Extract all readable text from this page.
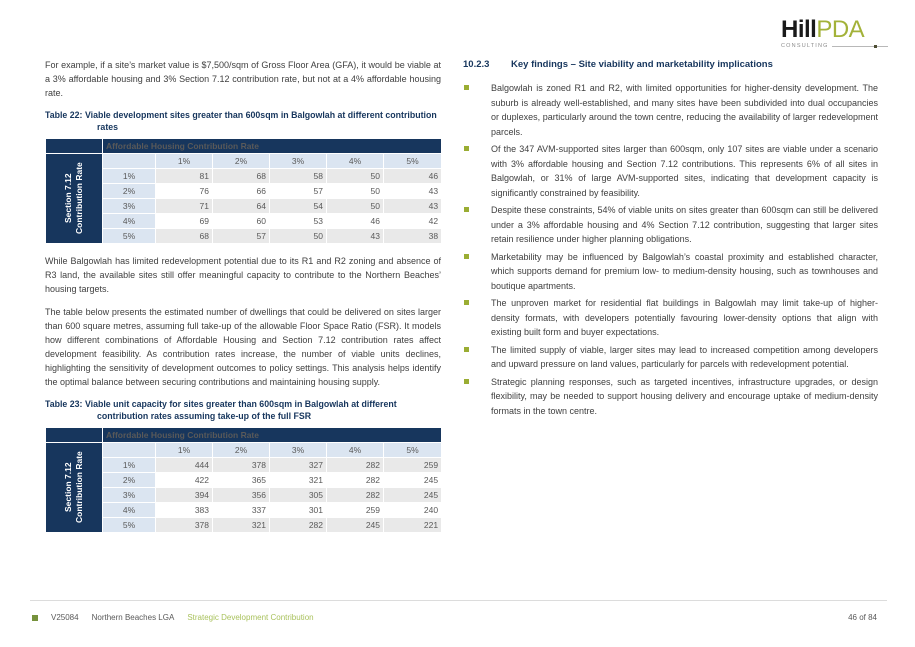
HillPDA
CONSULTING

For example, if a site’s market value is $7,500/sqm of Gross Floor Area (GFA), it would be viable at a 3% affordable housing and 3% Section 7.12 contribution rate, but not at a 4% affordable housing rate.

Table 22: Viable development sites greater than 600sqm in Balgowlah at different contribution rates

	Affordable Housing Contribution Rate					
Section 7.12 Contribution Rate		1%	2%	3%	4%	5%
	1%	81	68	58	50	46
	2%	76	66	57	50	43
	3%	71	64	54	50	43
	4%	69	60	53	46	42
	5%	68	57	50	43	38

While Balgowlah has limited redevelopment potential due to its R1 and R2 zoning and absence of R3 land, the available sites still offer meaningful capacity to contribute to the Northern Beaches’ housing targets.

The table below presents the estimated number of dwellings that could be delivered on sites larger than 600 square metres, assuming full take-up of the allowable Floor Space Ratio (FSR). It models how different combinations of Affordable Housing and Section 7.12 contribution rates affect development feasibility. As contribution rates increase, the number of viable units declines, highlighting the sensitivity of development outcomes to policy settings. This analysis helps identify the optimal balance between securing contributions and maintaining housing supply.

Table 23: Viable unit capacity for sites greater than 600sqm in Balgowlah at different contribution rates assuming take-up of the full FSR

	Affordable Housing Contribution Rate					
Section 7.12 Contribution Rate		1%	2%	3%	4%	5%
	1%	444	378	327	282	259
	2%	422	365	321	282	245
	3%	394	356	305	282	245
	4%	383	337	301	259	240
	5%	378	321	282	245	221
10.2.3	Key findings – Site viability and marketability implications
Balgowlah is zoned R1 and R2, with limited opportunities for higher-density development. The suburb is already well-established, and many sites have been subdivided into dual occupancies or duplexes, particularly around the town centre, reducing the availability of larger redevelopment parcels.
Of the 347 AVM-supported sites larger than 600sqm, only 107 sites are viable under a scenario with 3% affordable housing and Section 7.12 contributions. This represents 6% of all sites in Balgowlah, or 31% of large AVM-supported sites, indicating that development capacity is significantly constrained by feasibility.
Despite these constraints, 54% of viable units on sites greater than 600sqm can still be delivered under a 3% affordable housing and 4% Section 7.12 contribution, suggesting that larger sites retain resilience under higher planning obligations.
Marketability may be influenced by Balgowlah’s coastal proximity and established character, which supports demand for premium low- to medium-density housing, such as townhouses and boutique apartments.
The unproven market for residential flat buildings in Balgowlah may limit take-up of higher-density formats, with developers potentially favouring lower-density options that align with existing built form and buyer expectations.
The limited supply of viable, larger sites may lead to increased competition among developers and upward pressure on land values, particularly for parcels with redevelopment potential.
Strategic planning responses, such as targeted incentives, infrastructure upgrades, or design flexibility, may be needed to support housing delivery and encourage uptake of medium-density formats in the town centre.
V25084 Northern Beaches LGA Strategic Development Contribution	46 of 84
